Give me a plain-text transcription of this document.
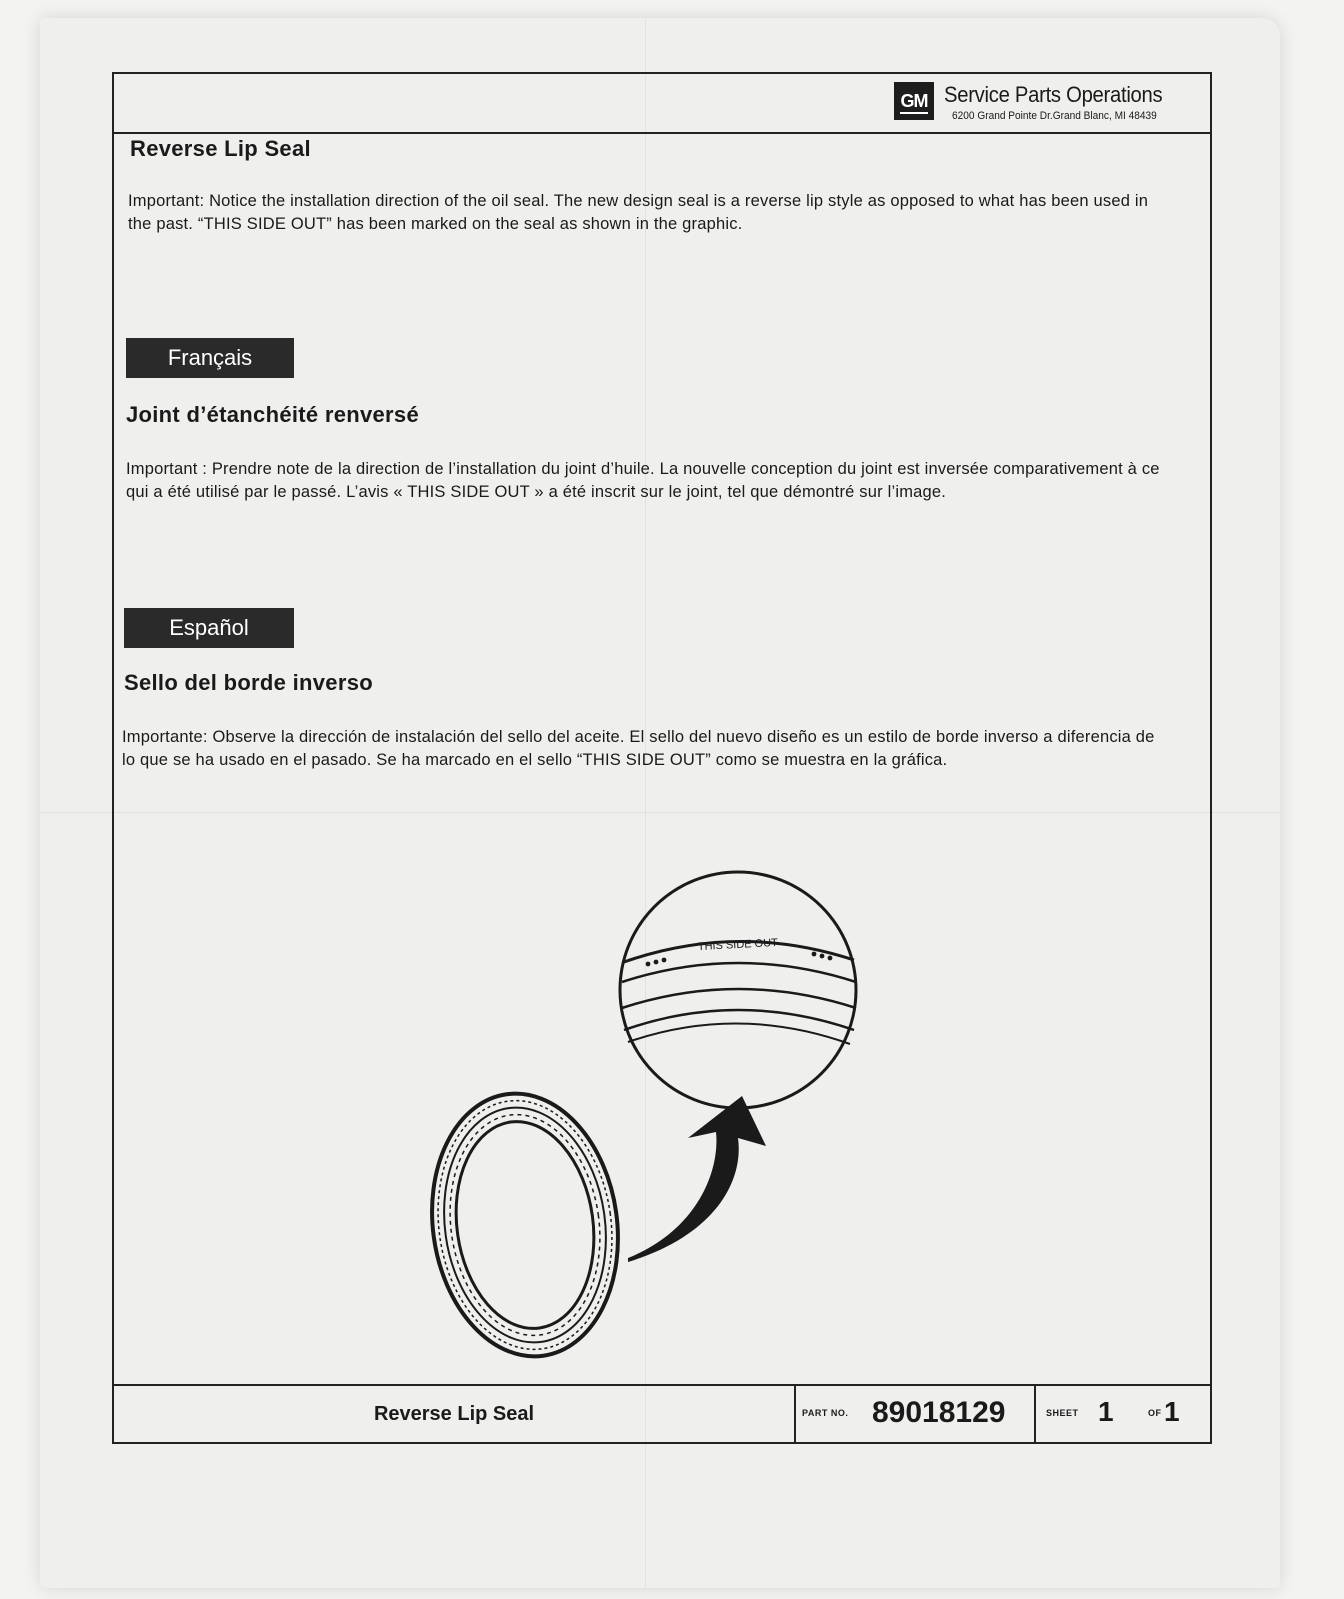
GM Service Parts Operations
6200 Grand Pointe Dr.Grand Blanc, MI 48439
Reverse Lip Seal
Important: Notice the installation direction of the oil seal. The new design seal is a reverse lip style as opposed to what has been used in the past. “THIS SIDE OUT” has been marked on the seal as shown in the graphic.
Français
Joint d’étanchéité renversé
Important : Prendre note de la direction de l’installation du joint d’huile. La nouvelle conception du joint est inversée comparativement à ce qui a été utilisé par le passé. L’avis « THIS SIDE OUT » a été inscrit sur le joint, tel que démontré sur l’image.
Español
Sello del borde inverso
Importante: Observe la dirección de instalación del sello del aceite. El sello del nuevo diseño es un estilo de borde inverso a diferencia de lo que se ha usado en el pasado. Se ha marcado en el sello “THIS SIDE OUT” como se muestra en la gráfica.
Reverse Lip Seal	PART NO. 89018129	SHEET 1	OF 1
THIS SIDE OUT
